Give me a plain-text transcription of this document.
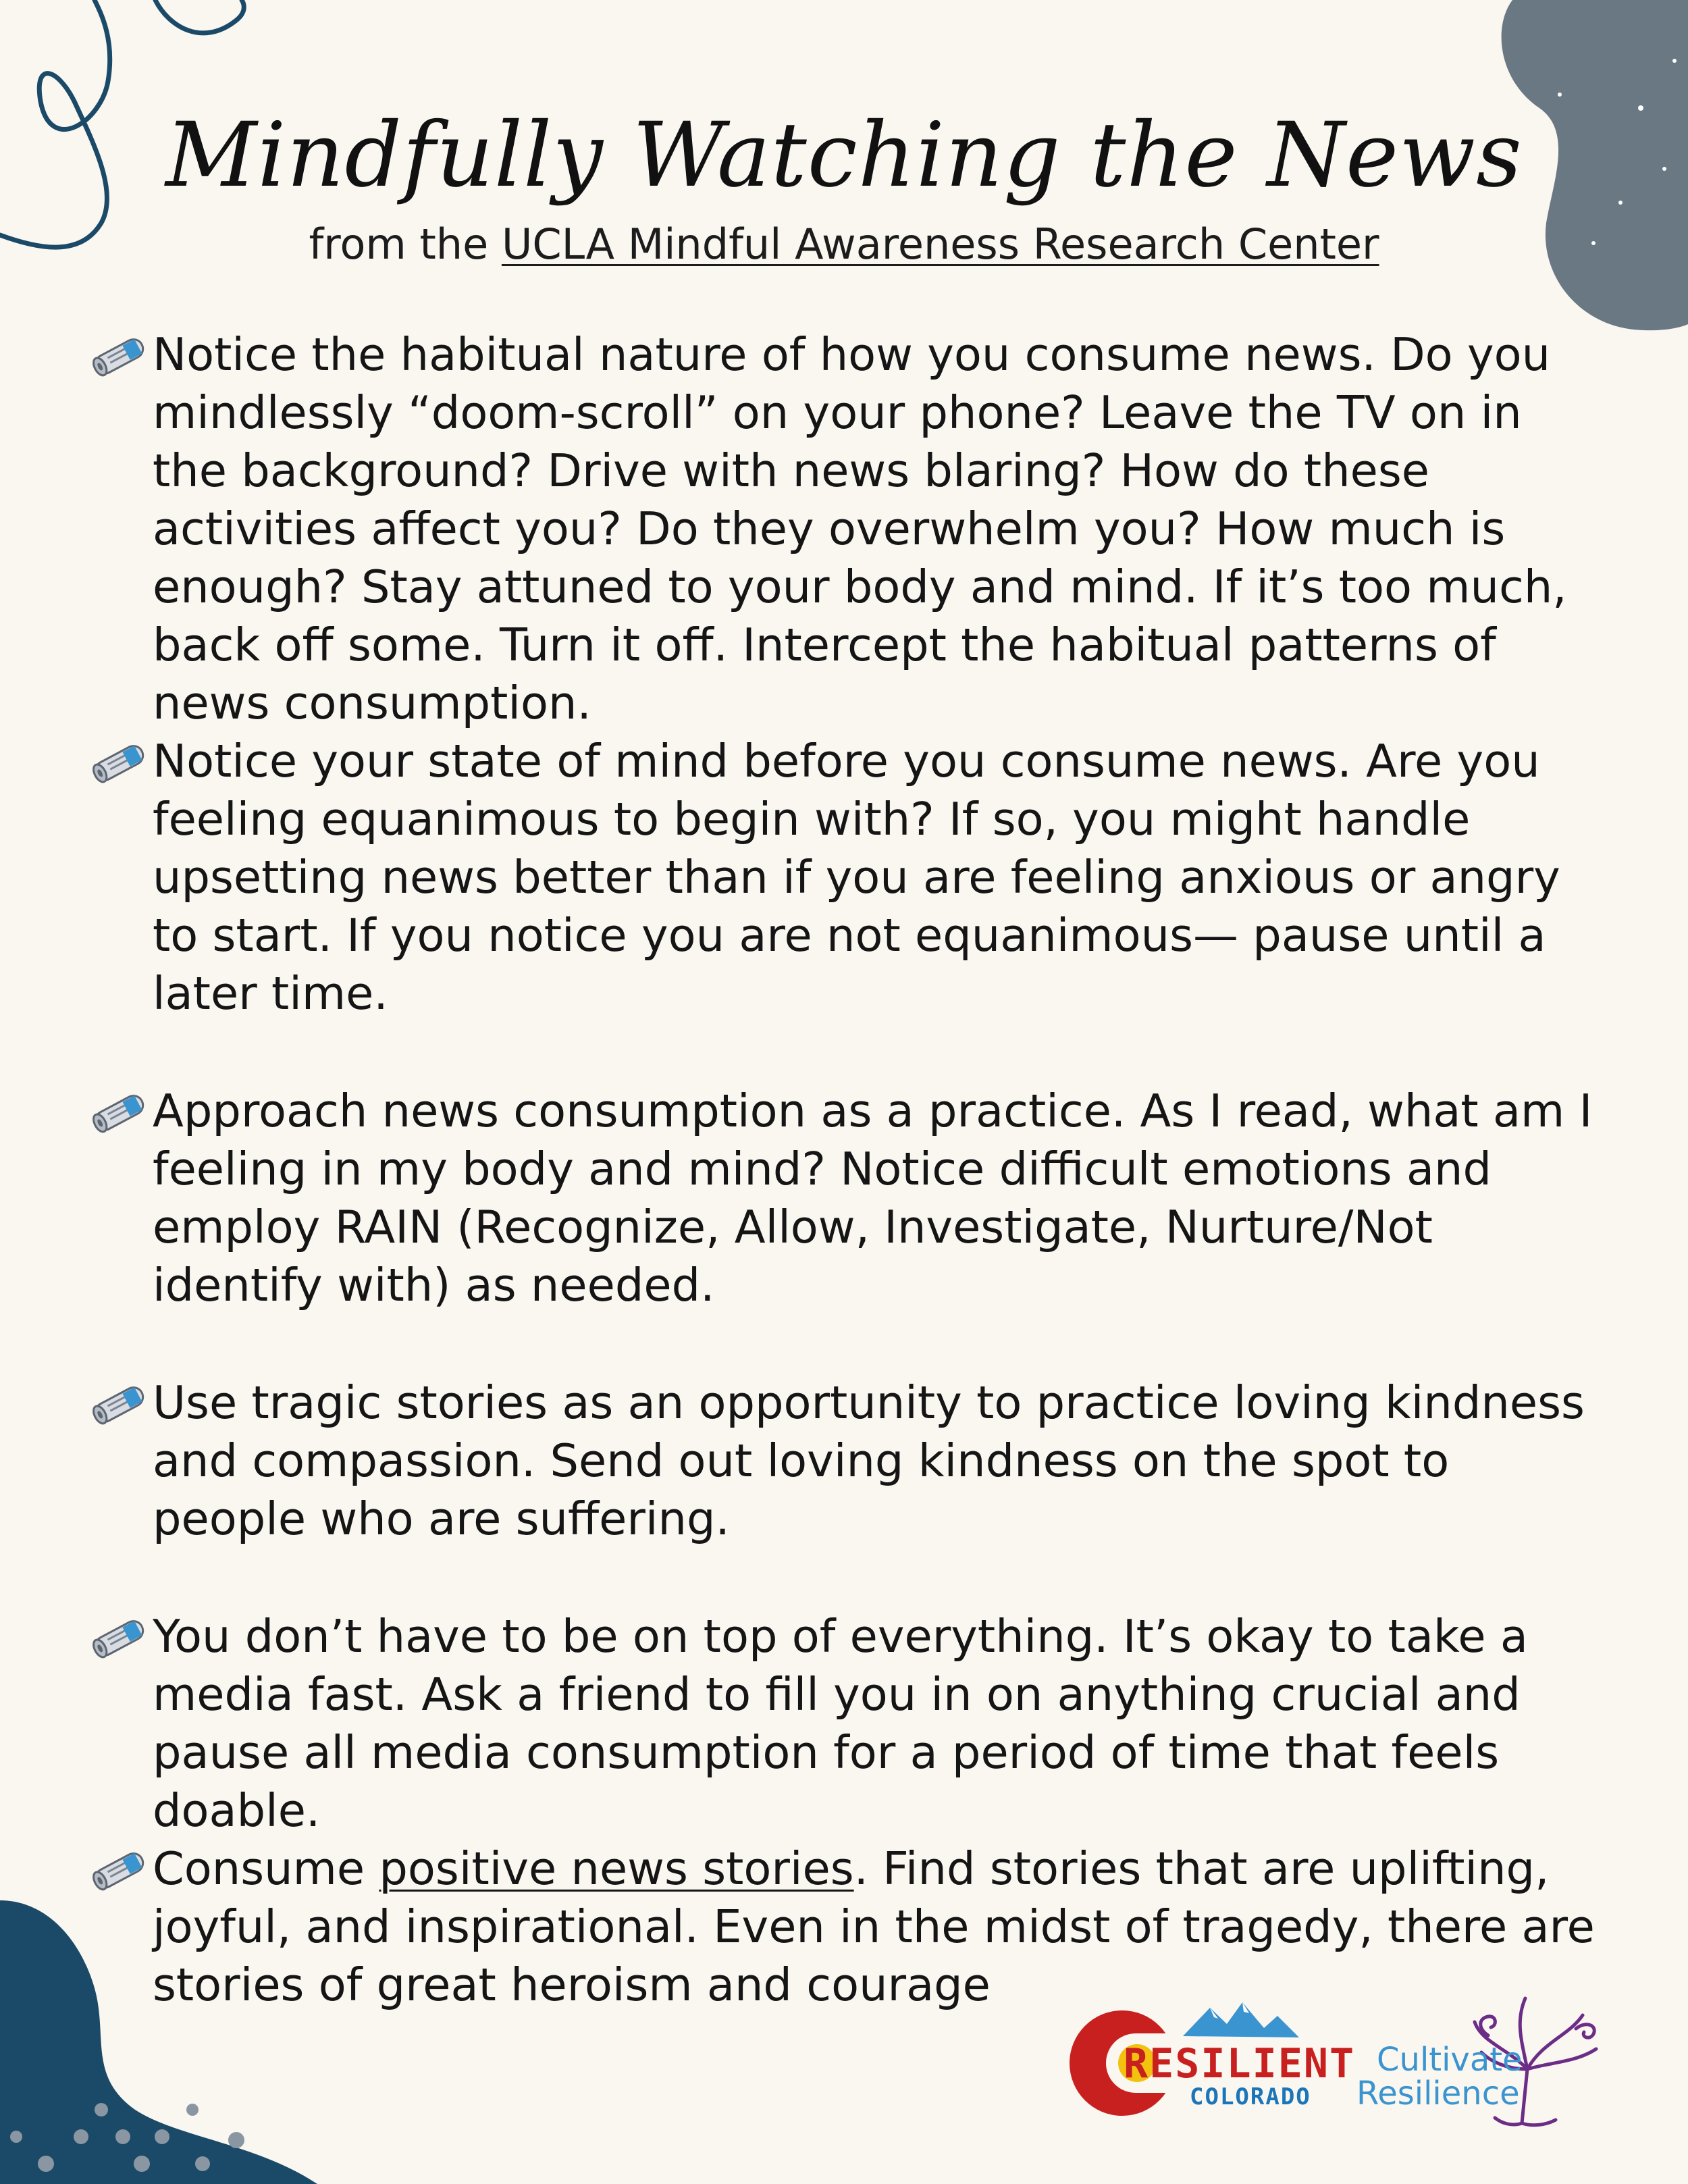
Mindfully Watching the News
from the UCLA Mindful Awareness Research Center

Notice the habitual nature of how you consume news. Do you mindlessly “doom-scroll” on your phone? Leave the TV on in the background? Drive with news blaring? How do these activities affect you? Do they overwhelm you? How much is enough? Stay attuned to your body and mind. If it’s too much, back off some. Turn it off. Intercept the habitual patterns of news consumption.

Notice your state of mind before you consume news. Are you feeling equanimous to begin with? If so, you might handle upsetting news better than if you are feeling anxious or angry to start. If you notice you are not equanimous— pause until a later time.

Approach news consumption as a practice. As I read, what am I feeling in my body and mind? Notice difficult emotions and employ RAIN (Recognize, Allow, Investigate, Nurture/Not identify with) as needed.

Use tragic stories as an opportunity to practice loving kindness and compassion. Send out loving kindness on the spot to people who are suffering.

You don’t have to be on top of everything. It’s okay to take a media fast. Ask a friend to fill you in on anything crucial and pause all media consumption for a period of time that feels doable.

Consume positive news stories. Find stories that are uplifting, joyful, and inspirational. Even in the midst of tragedy, there are stories of great heroism and courage

RESILIENT
COLORADO
Cultivate
Resilience
